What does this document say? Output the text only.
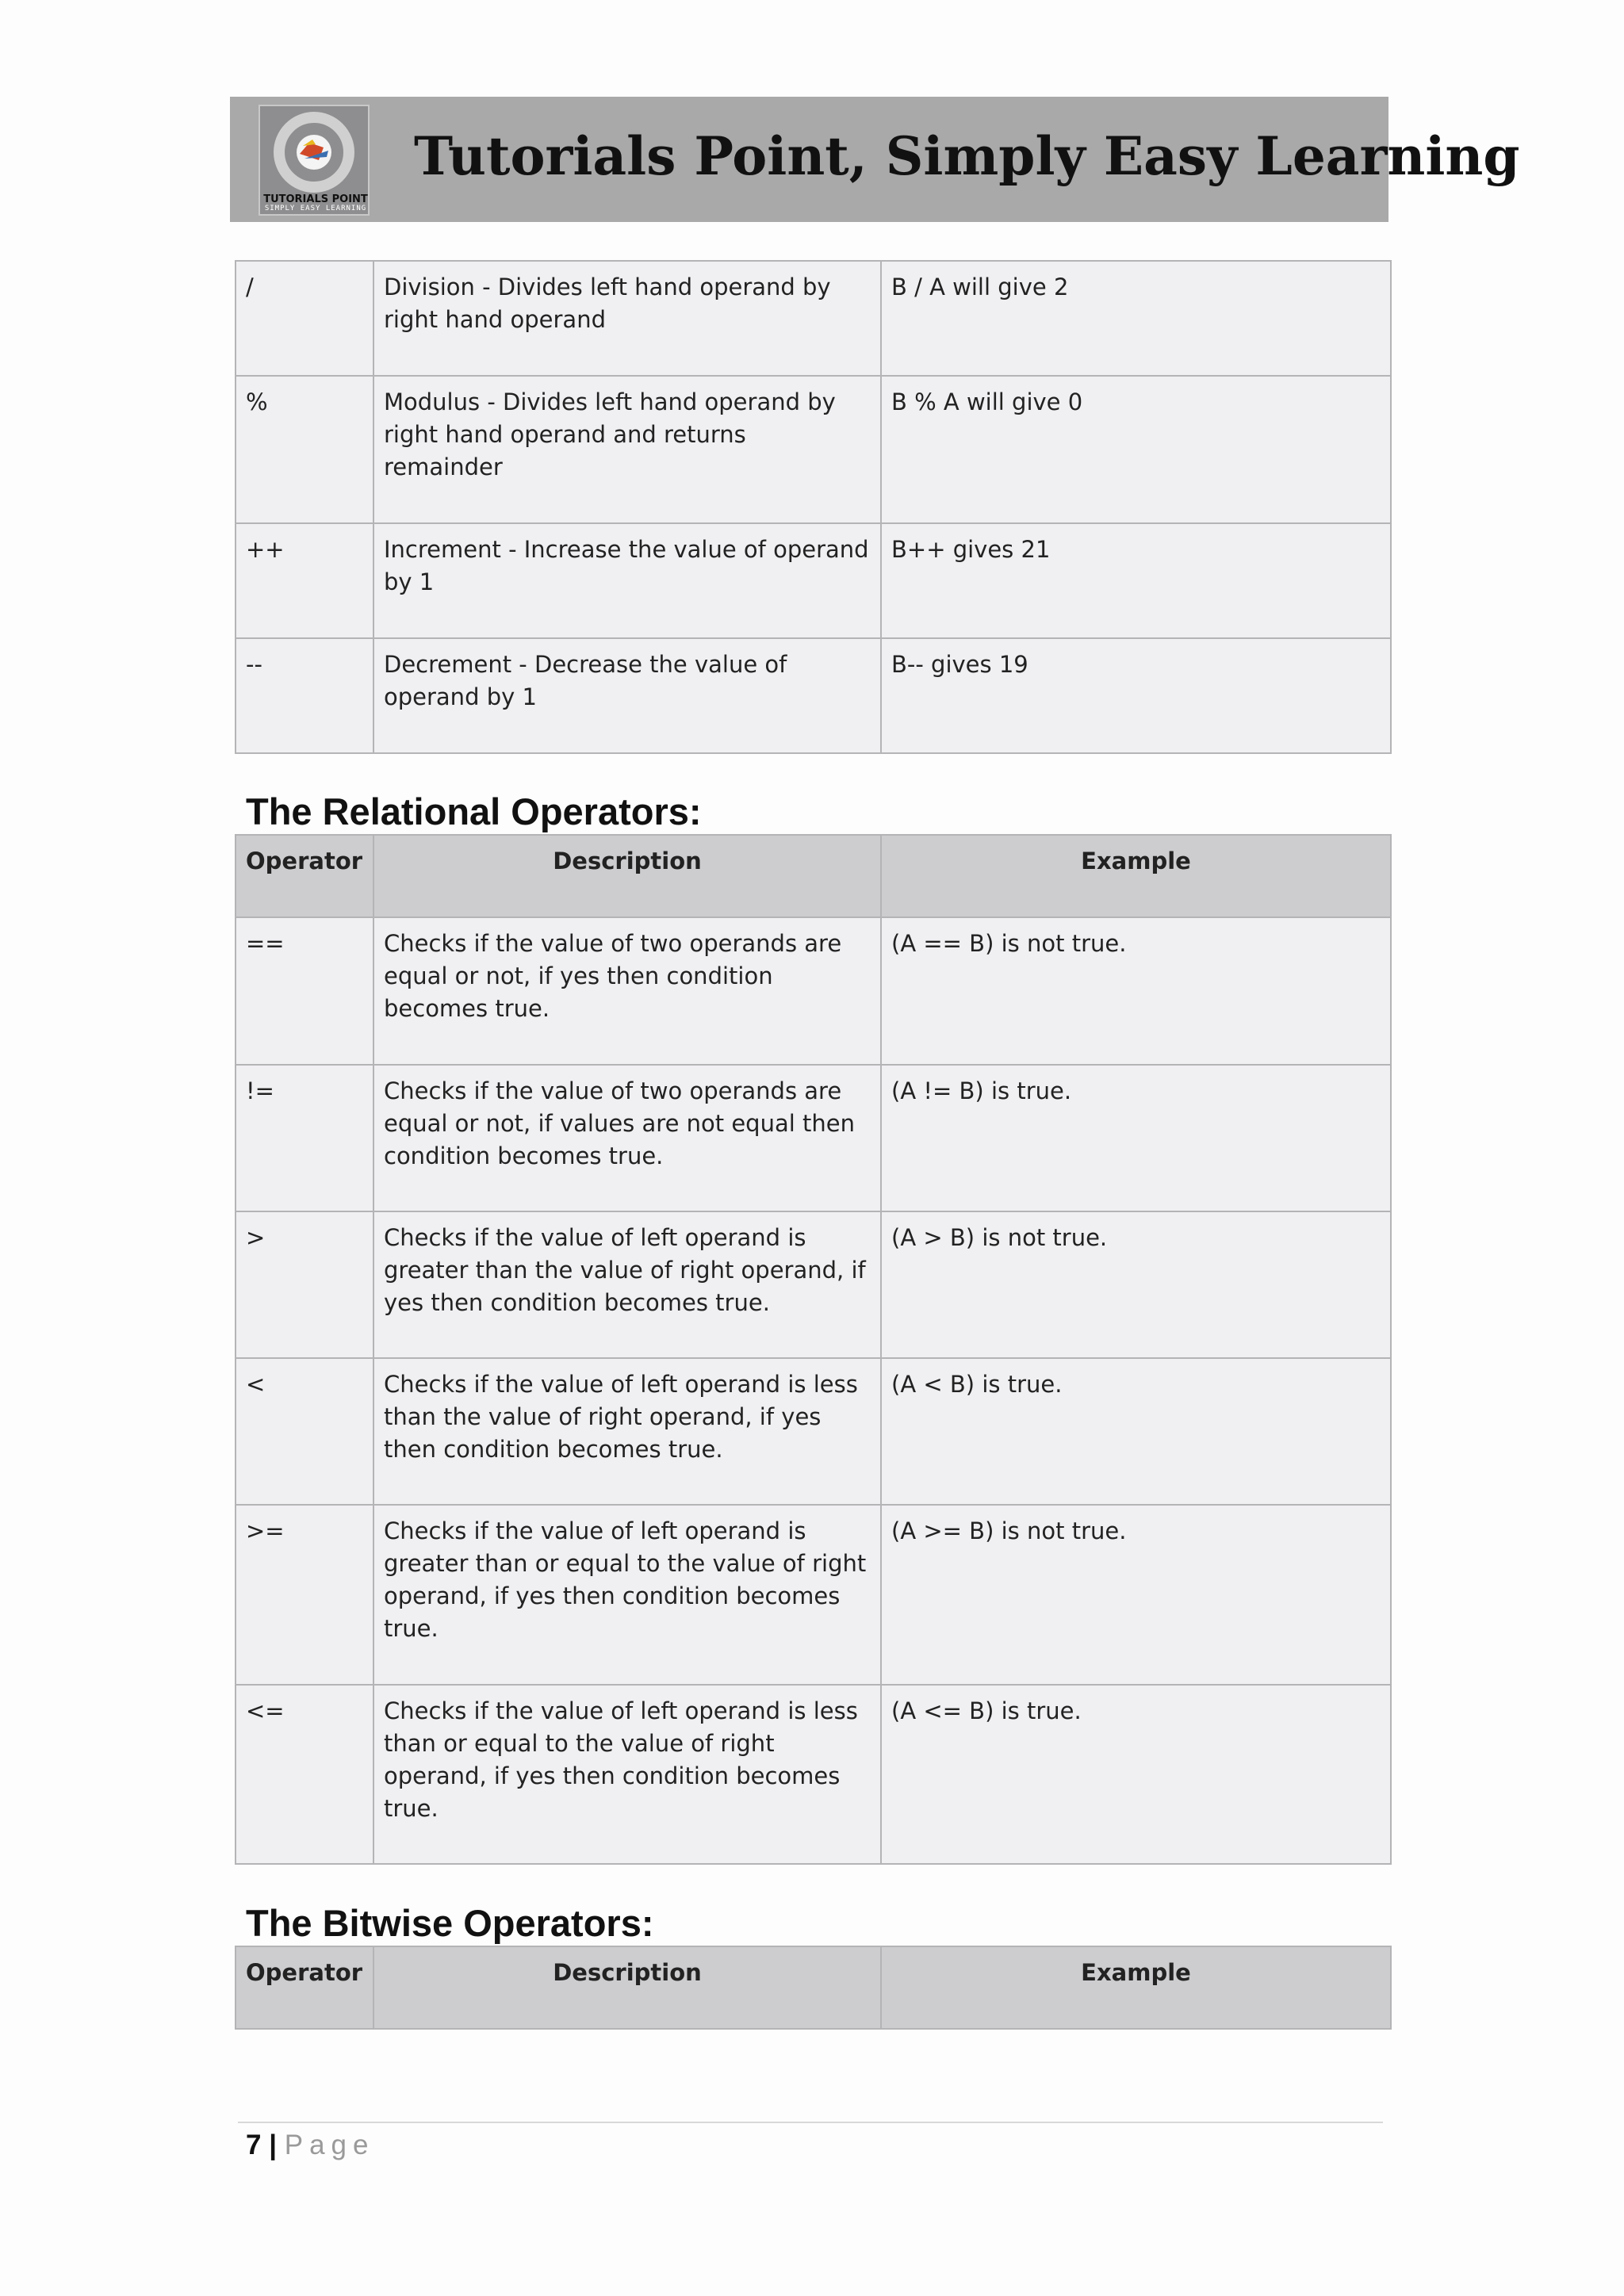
TUTORIALS POINT
SIMPLY EASY LEARNING
Tutorials Point, Simply Easy Learning
/	Division - Divides left hand operand by right hand operand	B / A will give 2
%	Modulus - Divides left hand operand by right hand operand and returns remainder	B % A will give 0
++	Increment - Increase the value of operand by 1	B++ gives 21
--	Decrement - Decrease the value of operand by 1	B-- gives 19
The Relational Operators:
Operator	Description	Example
==	Checks if the value of two operands are equal or not, if yes then condition becomes true.	(A == B) is not true.
!=	Checks if the value of two operands are equal or not, if values are not equal then condition becomes true.	(A != B) is true.
>	Checks if the value of left operand is greater than the value of right operand, if yes then condition becomes true.	(A > B) is not true.
<	Checks if the value of left operand is less than the value of right operand, if yes then condition becomes true.	(A < B) is true.
>=	Checks if the value of left operand is greater than or equal to the value of right operand, if yes then condition becomes true.	(A >= B) is not true.
<=	Checks if the value of left operand is less than or equal to the value of right operand, if yes then condition becomes true.	(A <= B) is true.
The Bitwise Operators:
Operator	Description	Example
7 | Page
